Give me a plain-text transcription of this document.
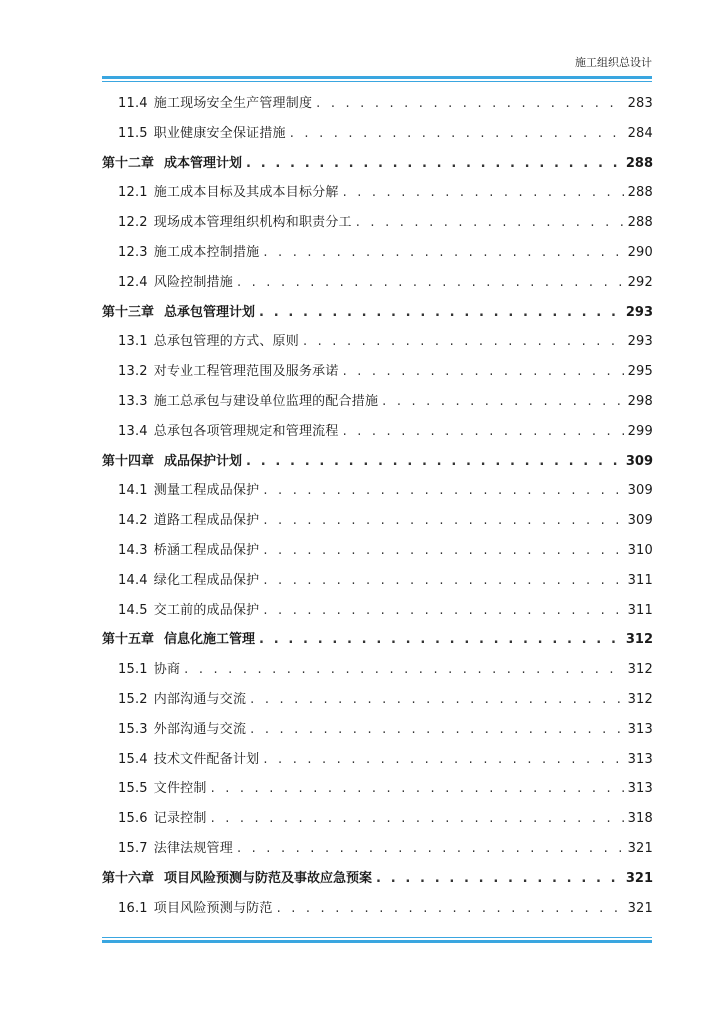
施工组织总设计
11.4 施工现场安全生产管理制度 . . .	283
11.5 职业健康安全保证措施 . . .	284
第十二章 成本管理计划 . . .	288
12.1 施工成本目标及其成本目标分解 . . .	288
12.2 现场成本管理组织机构和职责分工 . . .	288
12.3 施工成本控制措施 . . .	290
12.4 风险控制措施 . . .	292
第十三章 总承包管理计划 . . .	293
13.1 总承包管理的方式、原则 . . .	293
13.2 对专业工程管理范围及服务承诺 . . .	295
13.3 施工总承包与建设单位监理的配合措施 . . .	298
13.4 总承包各项管理规定和管理流程 . . .	299
第十四章 成品保护计划 . . .	309
14.1 测量工程成品保护 . . .	309
14.2 道路工程成品保护 . . .	309
14.3 桥涵工程成品保护 . . .	310
14.4 绿化工程成品保护 . . .	311
14.5 交工前的成品保护 . . .	311
第十五章 信息化施工管理 . . .	312
15.1 协商 . . .	312
15.2 内部沟通与交流 . . .	312
15.3 外部沟通与交流 . . .	313
15.4 技术文件配备计划 . . .	313
15.5 文件控制 . . .	313
15.6 记录控制 . . .	318
15.7 法律法规管理 . . .	321
第十六章 项目风险预测与防范及事故应急预案 . . .	321
16.1 项目风险预测与防范 . . .	321
